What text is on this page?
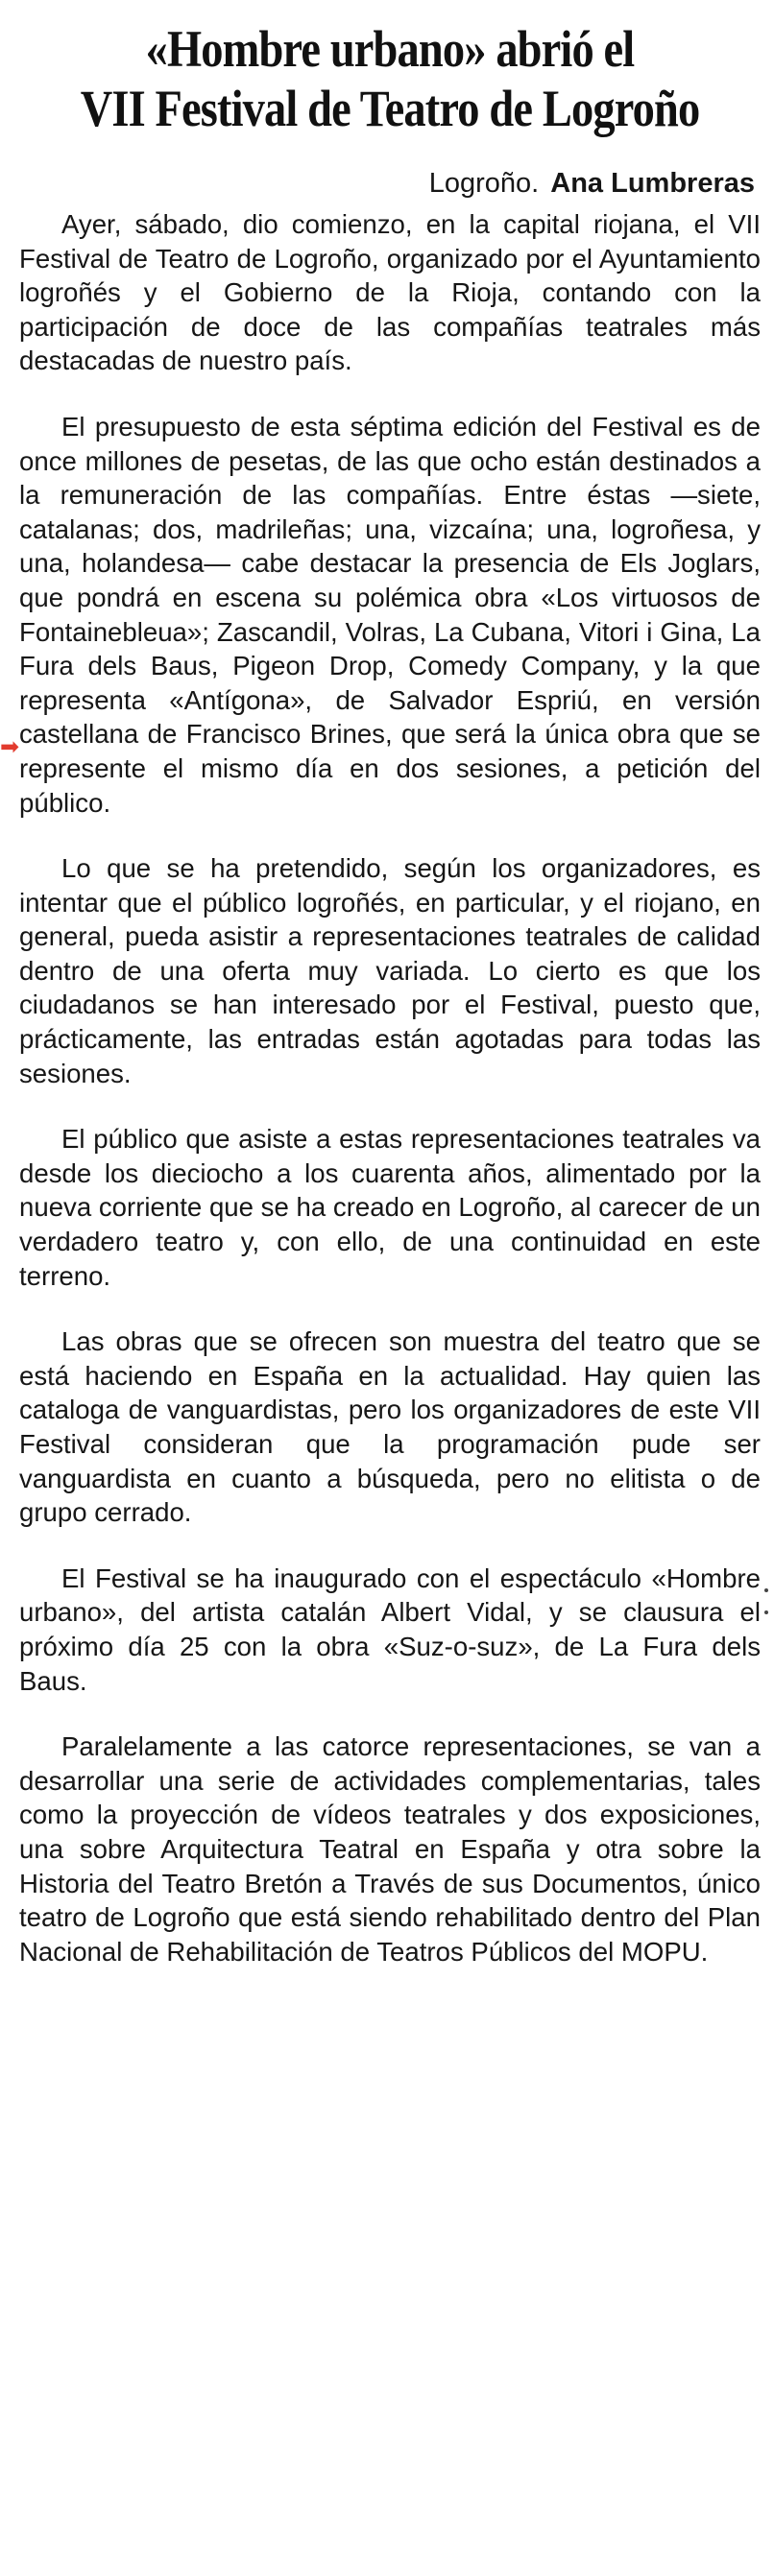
«Hombre urbano» abrió el
VII Festival de Teatro de Logroño
Logroño. Ana Lumbreras

Ayer, sábado, dio comienzo, en la capital riojana, el VII Festival de Teatro de Logroño, organizado por el Ayuntamiento logroñés y el Gobierno de la Rioja, contando con la participación de doce de las compañías teatrales más destacadas de nuestro país.

El presupuesto de esta séptima edición del Festival es de once millones de pesetas, de las que ocho están destinados a la remuneración de las compañías. Entre éstas —siete, catalanas; dos, madrileñas; una, vizcaína; una, logroñesa, y una, holandesa— cabe destacar la presencia de Els Joglars, que pondrá en escena su polémica obra «Los virtuosos de Fontainebleua»; Zascandil, Volras, La Cubana, Vitori i Gina, La Fura dels Baus, Pigeon Drop, Comedy Company, y la que representa «Antígona», de Salvador Espriú, en versión castellana de Francisco Brines, que será la única obra que se represente el mismo día en dos sesiones, a petición del público.

Lo que se ha pretendido, según los organizadores, es intentar que el público logroñés, en particular, y el riojano, en general, pueda asistir a representaciones teatrales de calidad dentro de una oferta muy variada. Lo cierto es que los ciudadanos se han interesado por el Festival, puesto que, prácticamente, las entradas están agotadas para todas las sesiones.

El público que asiste a estas representaciones teatrales va desde los dieciocho a los cuarenta años, alimentado por la nueva corriente que se ha creado en Logroño, al carecer de un verdadero teatro y, con ello, de una continuidad en este terreno.

Las obras que se ofrecen son muestra del teatro que se está haciendo en España en la actualidad. Hay quien las cataloga de vanguardistas, pero los organizadores de este VII Festival consideran que la programación pude ser vanguardista en cuanto a búsqueda, pero no elitista o de grupo cerrado.

El Festival se ha inaugurado con el espectáculo «Hombre urbano», del artista catalán Albert Vidal, y se clausura el próximo día 25 con la obra «Suz-o-suz», de La Fura dels Baus.

Paralelamente a las catorce representaciones, se van a desarrollar una serie de actividades complementarias, tales como la proyección de vídeos teatrales y dos exposiciones, una sobre Arquitectura Teatral en España y otra sobre la Historia del Teatro Bretón a Través de sus Documentos, único teatro de Logroño que está siendo rehabilitado dentro del Plan Nacional de Rehabilitación de Teatros Públicos del MOPU.

➡
